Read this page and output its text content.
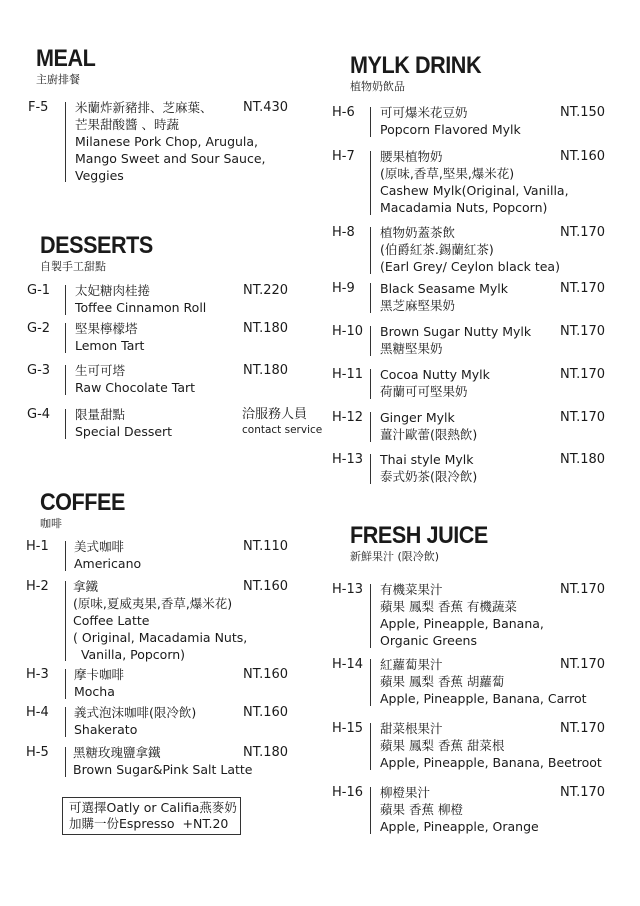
MEAL
主廚排餐
F-5 米蘭炸新豬排、芝麻葉、
芒果甜酸醬 、時蔬
Milanese Pork Chop, Arugula,
Mango Sweet and Sour Sauce,
Veggies
NT.430
DESSERTS
自製手工甜點
G-1 太妃糖肉桂捲
Toffee Cinnamon Roll
NT.220
G-2 堅果檸檬塔
Lemon Tart
NT.180
G-3 生可可塔
Raw Chocolate Tart
NT.180
G-4 限量甜點
Special Dessert
洽服務人員
contact service
COFFEE
咖啡
H-1 美式咖啡
Americano
NT.110
H-2 拿鐵
(原味,夏威夷果,香草,爆米花)
Coffee Latte
( Original, Macadamia Nuts,
Vanilla, Popcorn)
NT.160
H-3 摩卡咖啡
Mocha
NT.160
H-4 義式泡沫咖啡(限冷飲)
Shakerato
NT.160
H-5 黑糖玫瑰鹽拿鐵
Brown Sugar&Pink Salt Latte
NT.180
可選擇Oatly or Califia燕麥奶
加購一份Espresso  +NT.20
MYLK DRINK
植物奶飲品
H-6 可可爆米花豆奶
Popcorn Flavored Mylk
NT.150
H-7 腰果植物奶
(原味,香草,堅果,爆米花)
Cashew Mylk(Original, Vanilla,
Macadamia Nuts, Popcorn)
NT.160
H-8 植物奶蓋茶飲
(伯爵紅茶.錫蘭紅茶)
(Earl Grey/ Ceylon black tea)
NT.170
H-9 Black Seasame Mylk
黑芝麻堅果奶
NT.170
H-10 Brown Sugar Nutty Mylk
黑糖堅果奶
NT.170
H-11 Cocoa Nutty Mylk
荷蘭可可堅果奶
NT.170
H-12 Ginger Mylk
薑汁歐蕾(限熱飲)
NT.170
H-13 Thai style Mylk
泰式奶茶(限冷飲)
NT.180
FRESH JUICE
新鮮果汁 (限冷飲)
H-13 有機菜果汁
蘋果 鳳梨 香蕉 有機蔬菜
Apple, Pineapple, Banana,
Organic Greens
NT.170
H-14 紅蘿蔔果汁
蘋果 鳳梨 香蕉 胡蘿蔔
Apple, Pineapple, Banana, Carrot
NT.170
H-15 甜菜根果汁
蘋果 鳳梨 香蕉 甜菜根
Apple, Pineapple, Banana, Beetroot
NT.170
H-16 柳橙果汁
蘋果 香蕉 柳橙
Apple, Pineapple, Orange
NT.170
